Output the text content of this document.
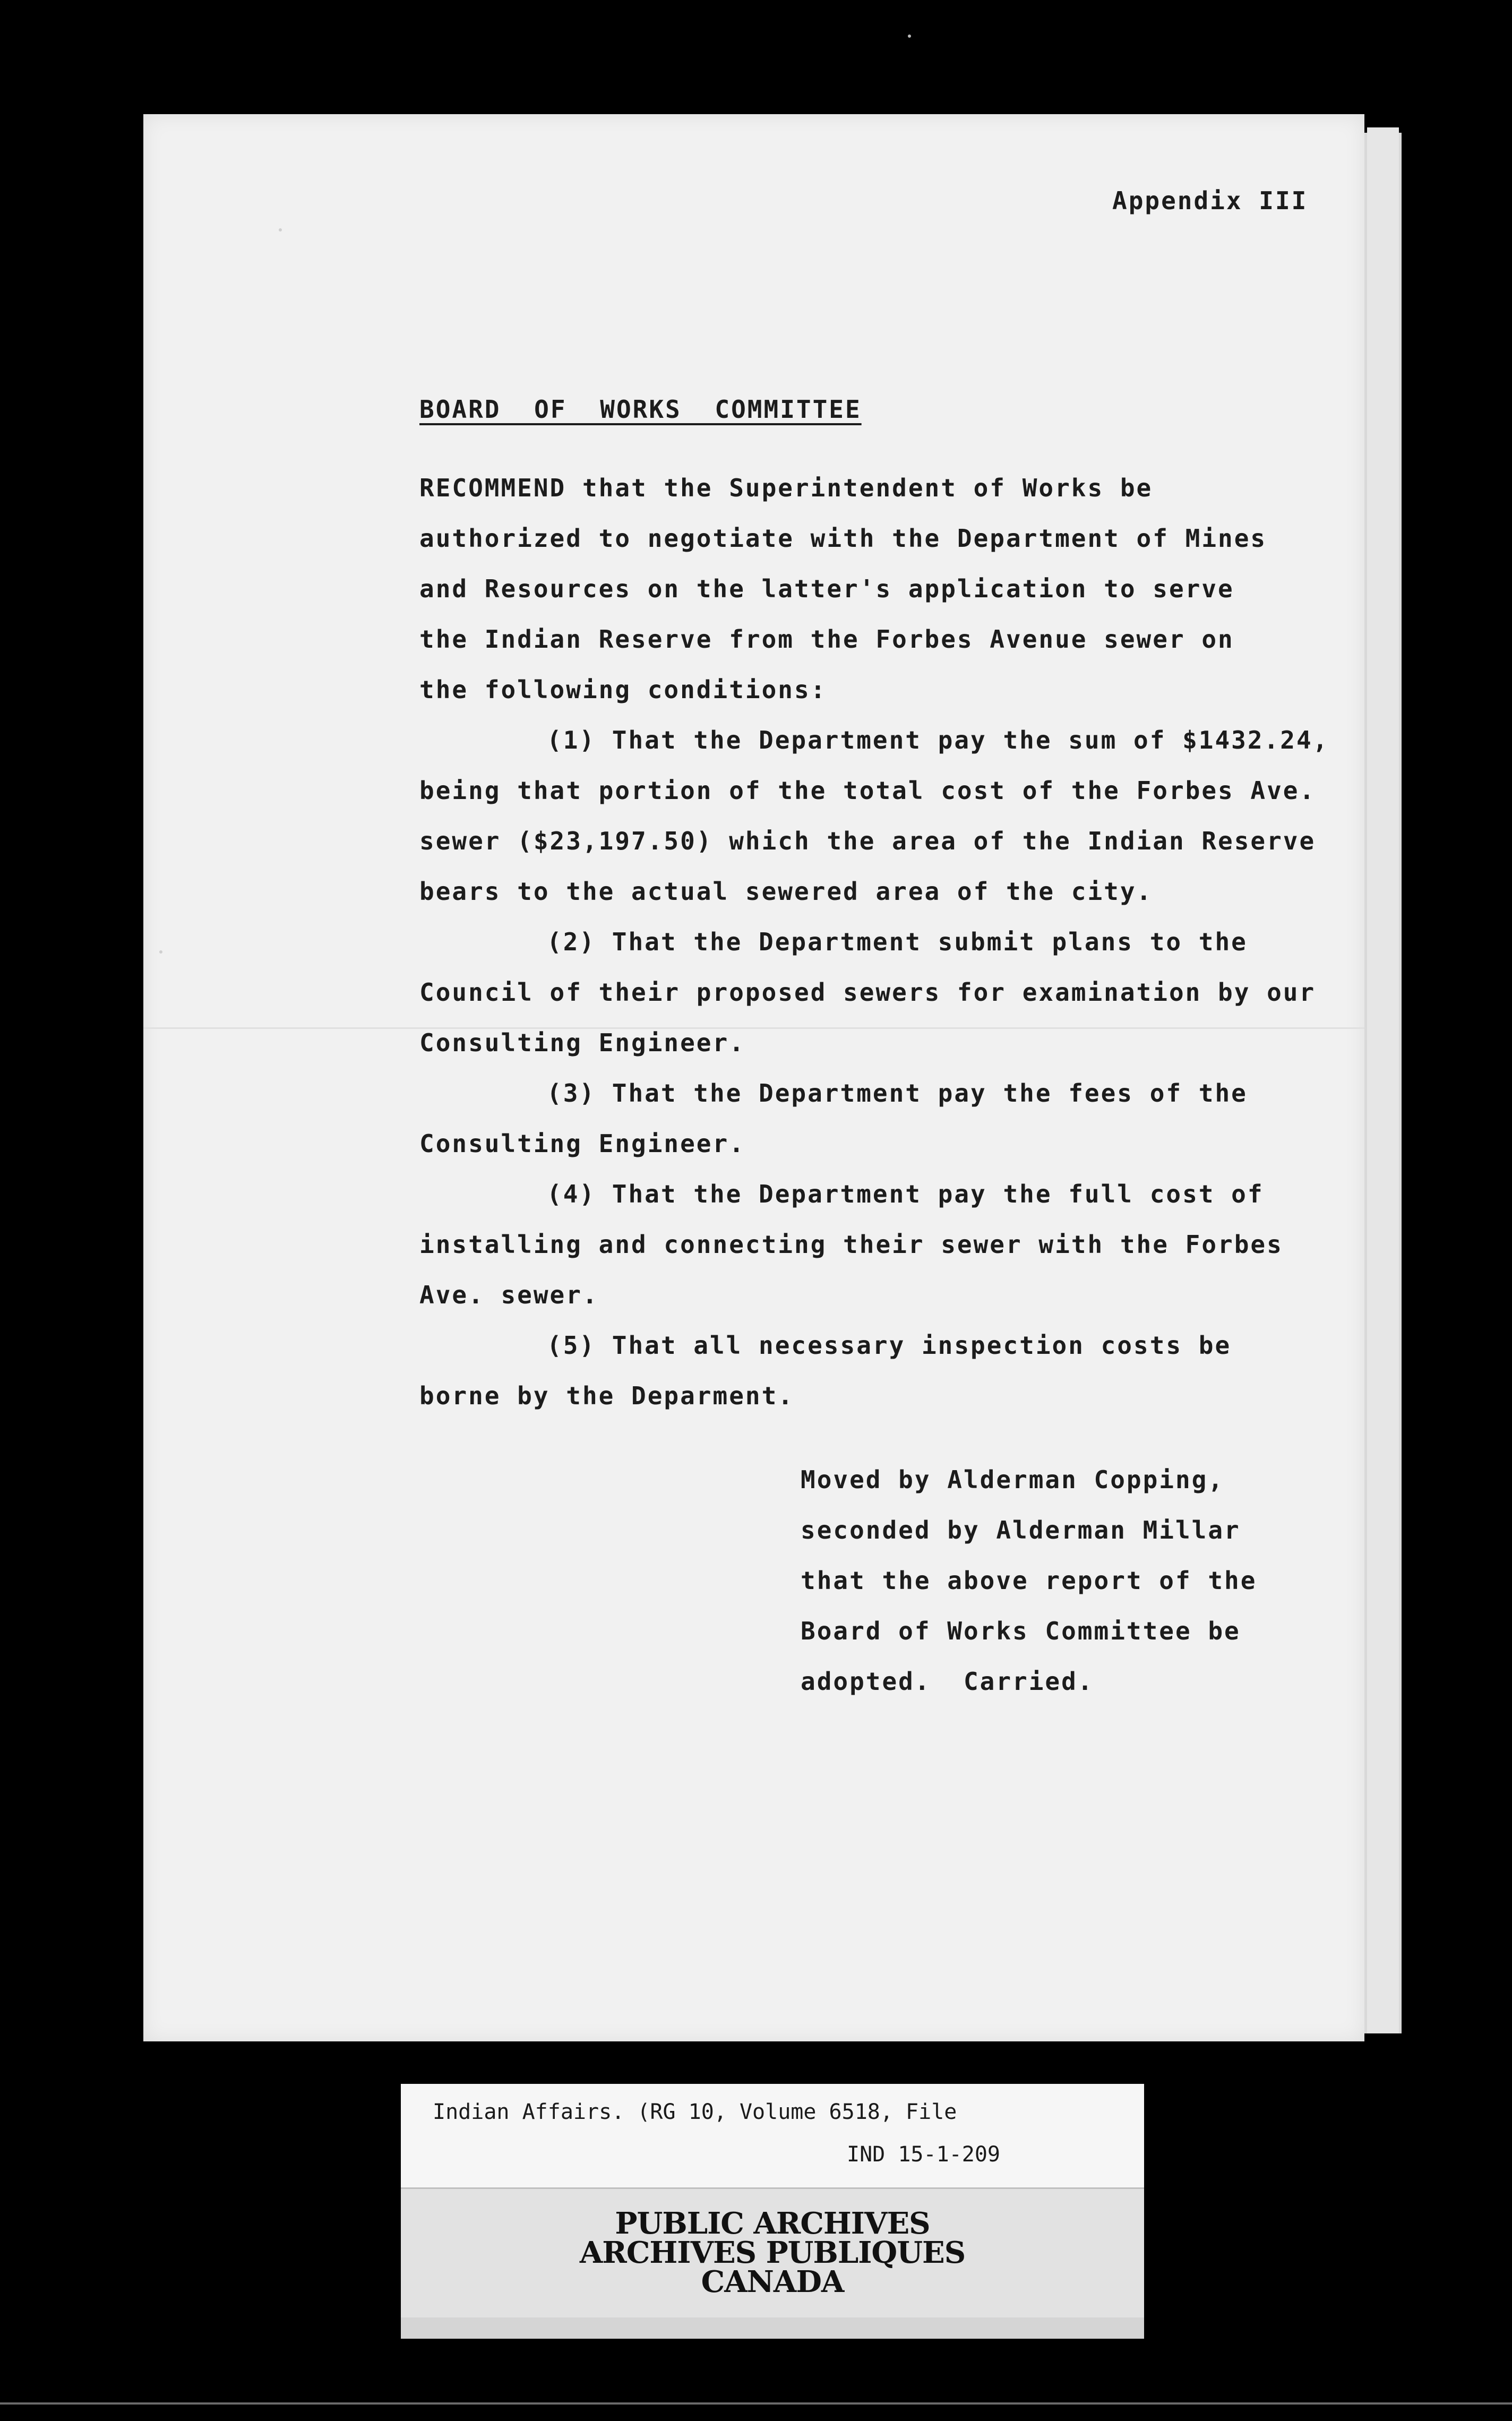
Appendix III
BOARD OF WORKS COMMITTEE
RECOMMEND that the Superintendent of Works be
authorized to negotiate with the Department of Mines
and Resources on the latter's application to serve
the Indian Reserve from the Forbes Avenue sewer on
the following conditions:
(1) That the Department pay the sum of $1432.24,
being that portion of the total cost of the Forbes Ave.
sewer ($23,197.50) which the area of the Indian Reserve
bears to the actual sewered area of the city.
(2) That the Department submit plans to the
Council of their proposed sewers for examination by our
Consulting Engineer.
(3) That the Department pay the fees of the
Consulting Engineer.
(4) That the Department pay the full cost of
installing and connecting their sewer with the Forbes
Ave. sewer.
(5) That all necessary inspection costs be
borne by the Deparment.
Moved by Alderman Copping,
seconded by Alderman Millar
that the above report of the
Board of Works Committee be
adopted.  Carried.
Indian Affairs. (RG 10, Volume 6518, File
IND 15-1-209
PUBLIC ARCHIVES
ARCHIVES PUBLIQUES
CANADA
